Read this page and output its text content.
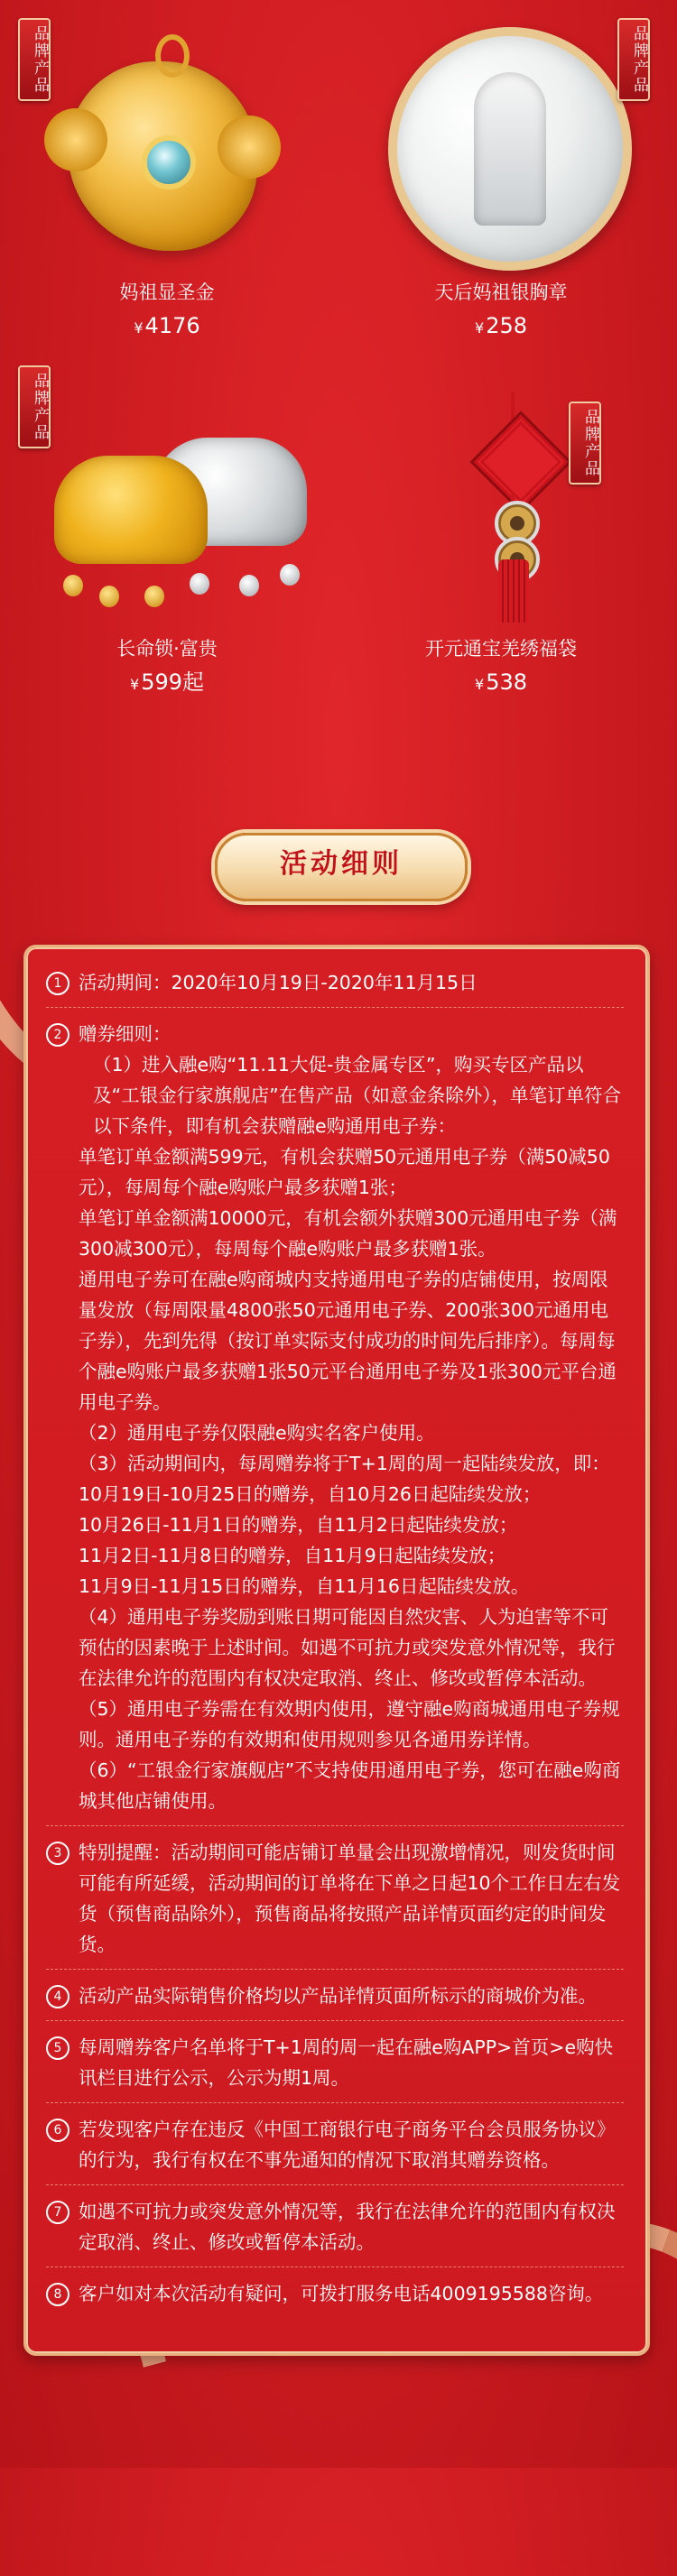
品牌产品
妈祖显圣金
¥4176
品牌产品
天后妈祖银胸章
¥258
品牌产品
长命锁·富贵
¥599起
品牌产品
开元通宝羌绣福袋
¥538
活动细则
1 活动期间：2020年10月19日-2020年11月15日

2 赠券细则：

（1）进入融e购“11.11大促-贵金属专区”，购买专区产品以及“工银金行家旗舰店”在售产品（如意金条除外），单笔订单符合以下条件，即有机会获赠融e购通用电子券：

单笔订单金额满599元，有机会获赠50元通用电子券（满50减50元），每周每个融e购账户最多获赠1张；

单笔订单金额满10000元，有机会额外获赠300元通用电子券（满300减300元），每周每个融e购账户最多获赠1张。

通用电子券可在融e购商城内支持通用电子券的店铺使用，按周限量发放（每周限量4800张50元通用电子券、200张300元通用电子券），先到先得（按订单实际支付成功的时间先后排序）。每周每个融e购账户最多获赠1张50元平台通用电子券及1张300元平台通用电子券。

（2）通用电子券仅限融e购实名客户使用。

（3）活动期间内，每周赠券将于T+1周的周一起陆续发放，即：

10月19日-10月25日的赠券，自10月26日起陆续发放；

10月26日-11月1日的赠券，自11月2日起陆续发放；

11月2日-11月8日的赠券，自11月9日起陆续发放；

11月9日-11月15日的赠券，自11月16日起陆续发放。

（4）通用电子券奖励到账日期可能因自然灾害、人为迫害等不可预估的因素晚于上述时间。如遇不可抗力或突发意外情况等，我行在法律允许的范围内有权决定取消、终止、修改或暂停本活动。

（5）通用电子券需在有效期内使用，遵守融e购商城通用电子券规则。通用电子券的有效期和使用规则参见各通用券详情。

（6）“工银金行家旗舰店”不支持使用通用电子券，您可在融e购商城其他店铺使用。

3 特别提醒：活动期间可能店铺订单量会出现激增情况，则发货时间可能有所延缓，活动期间的订单将在下单之日起10个工作日左右发货（预售商品除外），预售商品将按照产品详情页面约定的时间发货。

4 活动产品实际销售价格均以产品详情页面所标示的商城价为准。

5 每周赠券客户名单将于T+1周的周一起在融e购APP>首页>e购快讯栏目进行公示，公示为期1周。

6 若发现客户存在违反《中国工商银行电子商务平台会员服务协议》的行为，我行有权在不事先通知的情况下取消其赠券资格。

7 如遇不可抗力或突发意外情况等，我行在法律允许的范围内有权决定取消、终止、修改或暂停本活动。

8 客户如对本次活动有疑问，可拨打服务电话4009195588咨询。
